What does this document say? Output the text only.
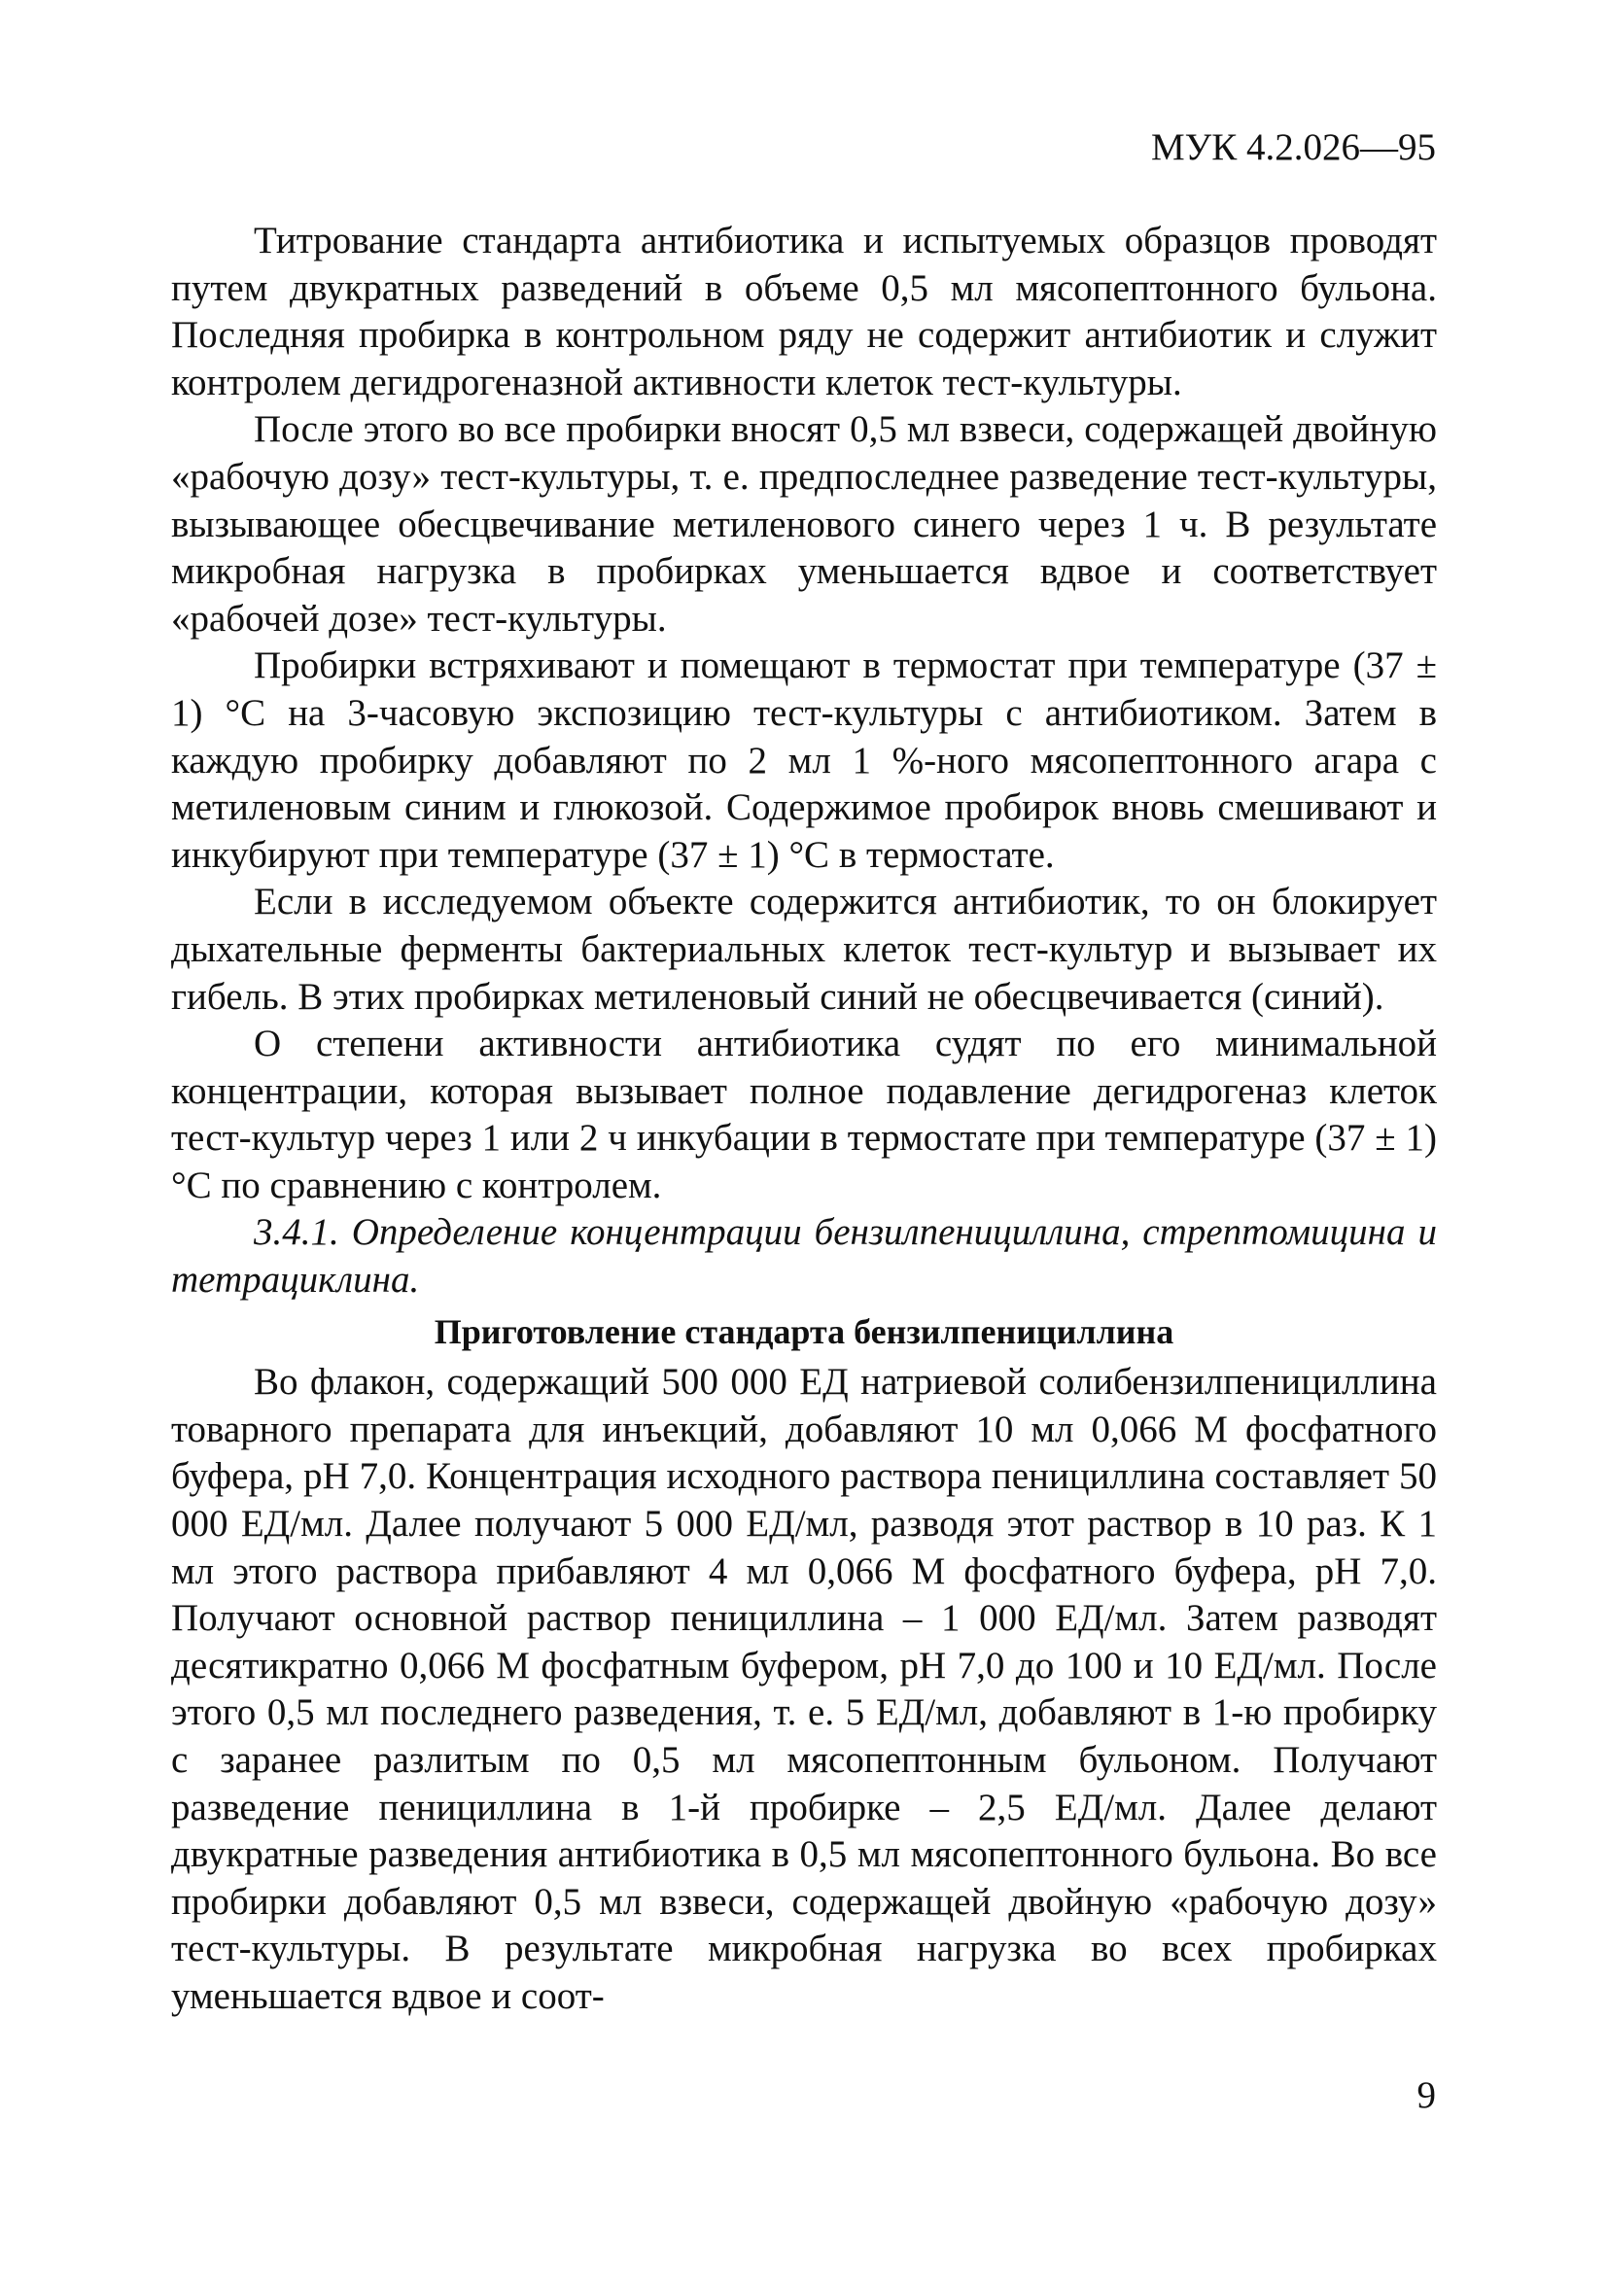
МУК 4.2.026—95

Титрование стандарта антибиотика и испытуемых образцов проводят путем двукратных разведений в объеме 0,5 мл мясопептонного бульона. Последняя пробирка в контрольном ряду не содержит антибиотик и служит контролем дегидрогеназной активности клеток тест-культуры.

После этого во все пробирки вносят 0,5 мл взвеси, содержащей двойную «рабочую дозу» тест-культуры, т. е. предпоследнее разведение тест-культуры, вызывающее обесцвечивание метиленового синего через 1 ч. В результате микробная нагрузка в пробирках уменьшается вдвое и соответствует «рабочей дозе» тест-культуры.

Пробирки встряхивают и помещают в термостат при температуре (37 ± 1) °С на 3-часовую экспозицию тест-культуры с антибиотиком. Затем в каждую пробирку добавляют по 2 мл 1 %-ного мясопептонного агара с метиленовым синим и глюкозой. Содержимое пробирок вновь смешивают и инкубируют при температуре (37 ± 1) °С в термостате.

Если в исследуемом объекте содержится антибиотик, то он блокирует дыхательные ферменты бактериальных клеток тест-культур и вызывает их гибель. В этих пробирках метиленовый синий не обесцвечивается (синий).

О степени активности антибиотика судят по его минимальной концентрации, которая вызывает полное подавление дегидрогеназ клеток тест-культур через 1 или 2 ч инкубации в термостате при температуре (37 ± 1) °С по сравнению с контролем.

3.4.1. Определение концентрации бензилпенициллина, стрептомицина и тетрациклина.

Приготовление стандарта бензилпенициллина

Во флакон, содержащий 500 000 ЕД натриевой солибензилпенициллина товарного препарата для инъекций, добавляют 10 мл 0,066 М фосфатного буфера, рН 7,0. Концентрация исходного раствора пенициллина составляет 50 000 ЕД/мл. Далее получают 5 000 ЕД/мл, разводя этот раствор в 10 раз. К 1 мл этого раствора прибавляют 4 мл 0,066 М фосфатного буфера, рН 7,0. Получают основной раствор пенициллина – 1 000 ЕД/мл. Затем разводят десятикратно 0,066 М фосфатным буфером, рН 7,0 до 100 и 10 ЕД/мл. После этого 0,5 мл последнего разведения, т. е. 5 ЕД/мл, добавляют в 1-ю пробирку с заранее разлитым по 0,5 мл мясопептонным бульоном. Получают разведение пенициллина в 1-й пробирке – 2,5 ЕД/мл. Далее делают двукратные разведения антибиотика в 0,5 мл мясопептонного бульона. Во все пробирки добавляют 0,5 мл взвеси, содержащей двойную «рабочую дозу» тест-культуры. В результате микробная нагрузка во всех пробирках уменьшается вдвое и соот-

9
